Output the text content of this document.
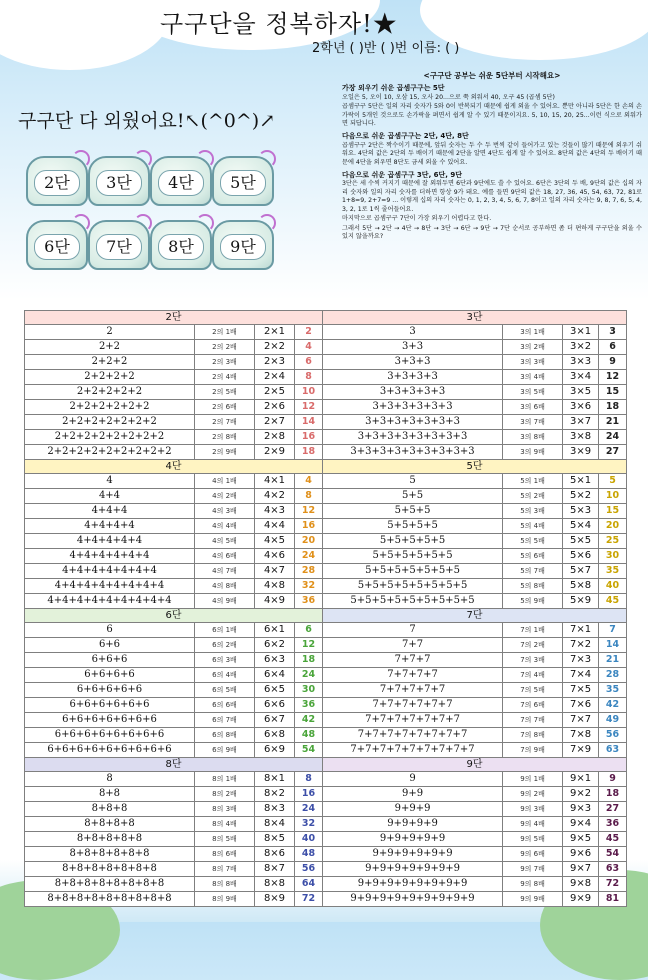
구구단을 정복하자!★
2학년 ( )반 ( )번 이름: ( )
구구단 다 외웠어요!↖(^0^)↗
2단	3단	4단	5단
6단	7단	8단	9단
<구구단 공부는 쉬운 5단부터 시작해요>
가장 외우기 쉬운 곱셈구구는 5단

오일은 5, 오이 10, 오삼 15, 오사 20...으로 쭉 외워서 40, 오구 45 (곱셈 5단)

곱셈구구 5단은 일의 자리 숫자가 5와 0이 반복되기 때문에 쉽게 외울 수 있어요. 뿐만 아니라 5단은 한 손의 손가락이 5개인 것으로도 손가락을 펴면서 쉽게 알 수 있기 때문이지요. 5, 10, 15, 20, 25...이런 식으로 외워가면 되답니다.

다음으로 쉬운 곱셈구구는 2단, 4단, 8단

곱셈구구 2단은 짝수이기 때문에, 앞뒤 숫자는 두 수 두 번씩 같이 들어가고 있는 것들이 많기 때문에 외우기 쉬워요. 4단의 값은 2단의 두 배이기 때문에 2단을 알면 4단도 쉽게 알 수 있어요. 8단의 값은 4단의 두 배이기 때문에 4단을 외우면 8단도 금세 외울 수 있어요.

다음으로 쉬운 곱셈구구 3단, 6단, 9단

3단은 세 수씩 커지기 때문에 잘 외워두면 6단과 9단에도 쓸 수 있어요. 6단은 3단의 두 배, 9단의 값은 십의 자리 숫자와 일의 자리 숫자를 더하면 항상 9가 돼요. 예를 들면 9단의 값은 18, 27, 36, 45, 54, 63, 72, 81로 1+8=9, 2+7=9 ... 이렇게 십의 자리 숫자는 0, 1, 2, 3, 4, 5, 6, 7, 8이고 일의 자리 숫자는 9, 8, 7, 6, 5, 4, 3, 2, 1로 1씩 줄어들어요.

마지막으로 곱셈구구 7단이 가장 외우기 어렵다고 한다.

그래서 5단 → 2단 → 4단 → 8단 → 3단 → 6단 → 9단 → 7단 순서로 공부하면 좀 더 편하게 구구단을 외울 수 있지 않을까요?

2단				3단			
2	2의 1배	2×1	2	3	3의 1배	3×1	3
2+2	2의 2배	2×2	4	3+3	3의 2배	3×2	6
2+2+2	2의 3배	2×3	6	3+3+3	3의 3배	3×3	9
2+2+2+2	2의 4배	2×4	8	3+3+3+3	3의 4배	3×4	12
2+2+2+2+2	2의 5배	2×5	10	3+3+3+3+3	3의 5배	3×5	15
2+2+2+2+2+2	2의 6배	2×6	12	3+3+3+3+3+3	3의 6배	3×6	18
2+2+2+2+2+2+2	2의 7배	2×7	14	3+3+3+3+3+3+3	3의 7배	3×7	21
2+2+2+2+2+2+2+2	2의 8배	2×8	16	3+3+3+3+3+3+3+3	3의 8배	3×8	24
2+2+2+2+2+2+2+2+2	2의 9배	2×9	18	3+3+3+3+3+3+3+3+3	3의 9배	3×9	27
4단				5단			
4	4의 1배	4×1	4	5	5의 1배	5×1	5
4+4	4의 2배	4×2	8	5+5	5의 2배	5×2	10
4+4+4	4의 3배	4×3	12	5+5+5	5의 3배	5×3	15
4+4+4+4	4의 4배	4×4	16	5+5+5+5	5의 4배	5×4	20
4+4+4+4+4	4의 5배	4×5	20	5+5+5+5+5	5의 5배	5×5	25
4+4+4+4+4+4	4의 6배	4×6	24	5+5+5+5+5+5	5의 6배	5×6	30
4+4+4+4+4+4+4	4의 7배	4×7	28	5+5+5+5+5+5+5	5의 7배	5×7	35
4+4+4+4+4+4+4+4	4의 8배	4×8	32	5+5+5+5+5+5+5+5	5의 8배	5×8	40
4+4+4+4+4+4+4+4+4	4의 9배	4×9	36	5+5+5+5+5+5+5+5+5	5의 9배	5×9	45
6단				7단			
6	6의 1배	6×1	6	7	7의 1배	7×1	7
6+6	6의 2배	6×2	12	7+7	7의 2배	7×2	14
6+6+6	6의 3배	6×3	18	7+7+7	7의 3배	7×3	21
6+6+6+6	6의 4배	6×4	24	7+7+7+7	7의 4배	7×4	28
6+6+6+6+6	6의 5배	6×5	30	7+7+7+7+7	7의 5배	7×5	35
6+6+6+6+6+6	6의 6배	6×6	36	7+7+7+7+7+7	7의 6배	7×6	42
6+6+6+6+6+6+6	6의 7배	6×7	42	7+7+7+7+7+7+7	7의 7배	7×7	49
6+6+6+6+6+6+6+6	6의 8배	6×8	48	7+7+7+7+7+7+7+7	7의 8배	7×8	56
6+6+6+6+6+6+6+6+6	6의 9배	6×9	54	7+7+7+7+7+7+7+7+7	7의 9배	7×9	63
8단				9단			
8	8의 1배	8×1	8	9	9의 1배	9×1	9
8+8	8의 2배	8×2	16	9+9	9의 2배	9×2	18
8+8+8	8의 3배	8×3	24	9+9+9	9의 3배	9×3	27
8+8+8+8	8의 4배	8×4	32	9+9+9+9	9의 4배	9×4	36
8+8+8+8+8	8의 5배	8×5	40	9+9+9+9+9	9의 5배	9×5	45
8+8+8+8+8+8	8의 6배	8×6	48	9+9+9+9+9+9	9의 6배	9×6	54
8+8+8+8+8+8+8	8의 7배	8×7	56	9+9+9+9+9+9+9	9의 7배	9×7	63
8+8+8+8+8+8+8+8	8의 8배	8×8	64	9+9+9+9+9+9+9+9	9의 8배	9×8	72
8+8+8+8+8+8+8+8+8	8의 9배	8×9	72	9+9+9+9+9+9+9+9+9	9의 9배	9×9	81
